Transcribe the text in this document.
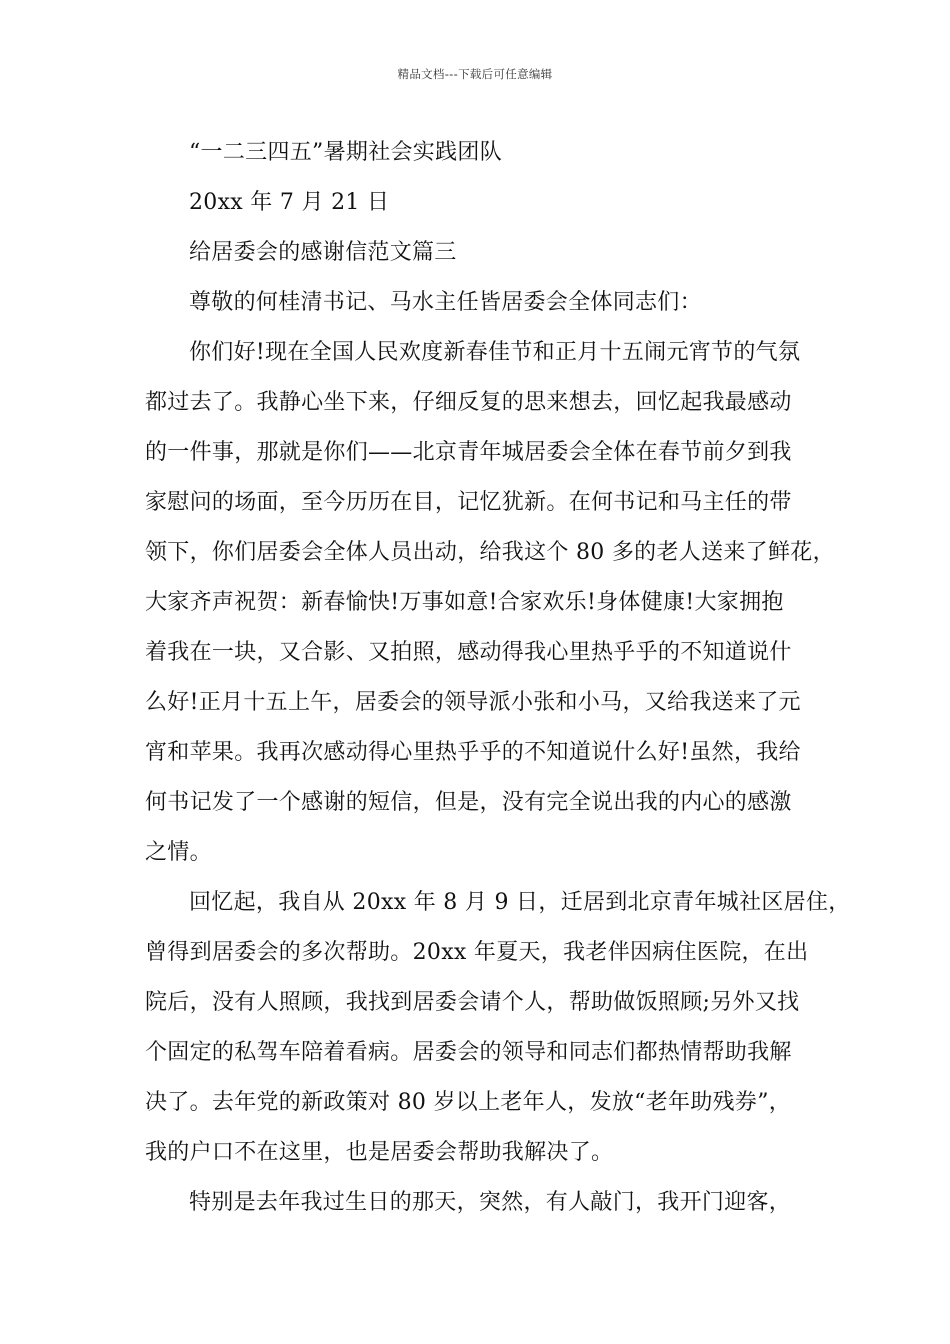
精品文档---下载后可任意编辑
“一二三四五”暑期社会实践团队
20xx 年 7 月 21 日
给居委会的感谢信范文篇三
尊敬的何桂清书记、马水主任皆居委会全体同志们：
你们好!现在全国人民欢度新春佳节和正月十五闹元宵节的气氛
都过去了。我静心坐下来，仔细反复的思来想去，回忆起我最感动
的一件事，那就是你们——北京青年城居委会全体在春节前夕到我
家慰问的场面，至今历历在目，记忆犹新。在何书记和马主任的带
领下，你们居委会全体人员出动，给我这个 80 多的老人送来了鲜花，
大家齐声祝贺：新春愉快!万事如意!合家欢乐!身体健康!大家拥抱
着我在一块，又合影、又拍照，感动得我心里热乎乎的不知道说什
么好!正月十五上午，居委会的领导派小张和小马，又给我送来了元
宵和苹果。我再次感动得心里热乎乎的不知道说什么好!虽然，我给
何书记发了一个感谢的短信，但是，没有完全说出我的内心的感激
之情。
回忆起，我自从 20xx 年 8 月 9 日，迁居到北京青年城社区居住，
曾得到居委会的多次帮助。20xx 年夏天，我老伴因病住医院，在出
院后，没有人照顾，我找到居委会请个人，帮助做饭照顾;另外又找
个固定的私驾车陪着看病。居委会的领导和同志们都热情帮助我解
决了。去年党的新政策对 80 岁以上老年人，发放“老年助残券”，
我的户口不在这里，也是居委会帮助我解决了。
特别是去年我过生日的那天，突然，有人敲门，我开门迎客，
